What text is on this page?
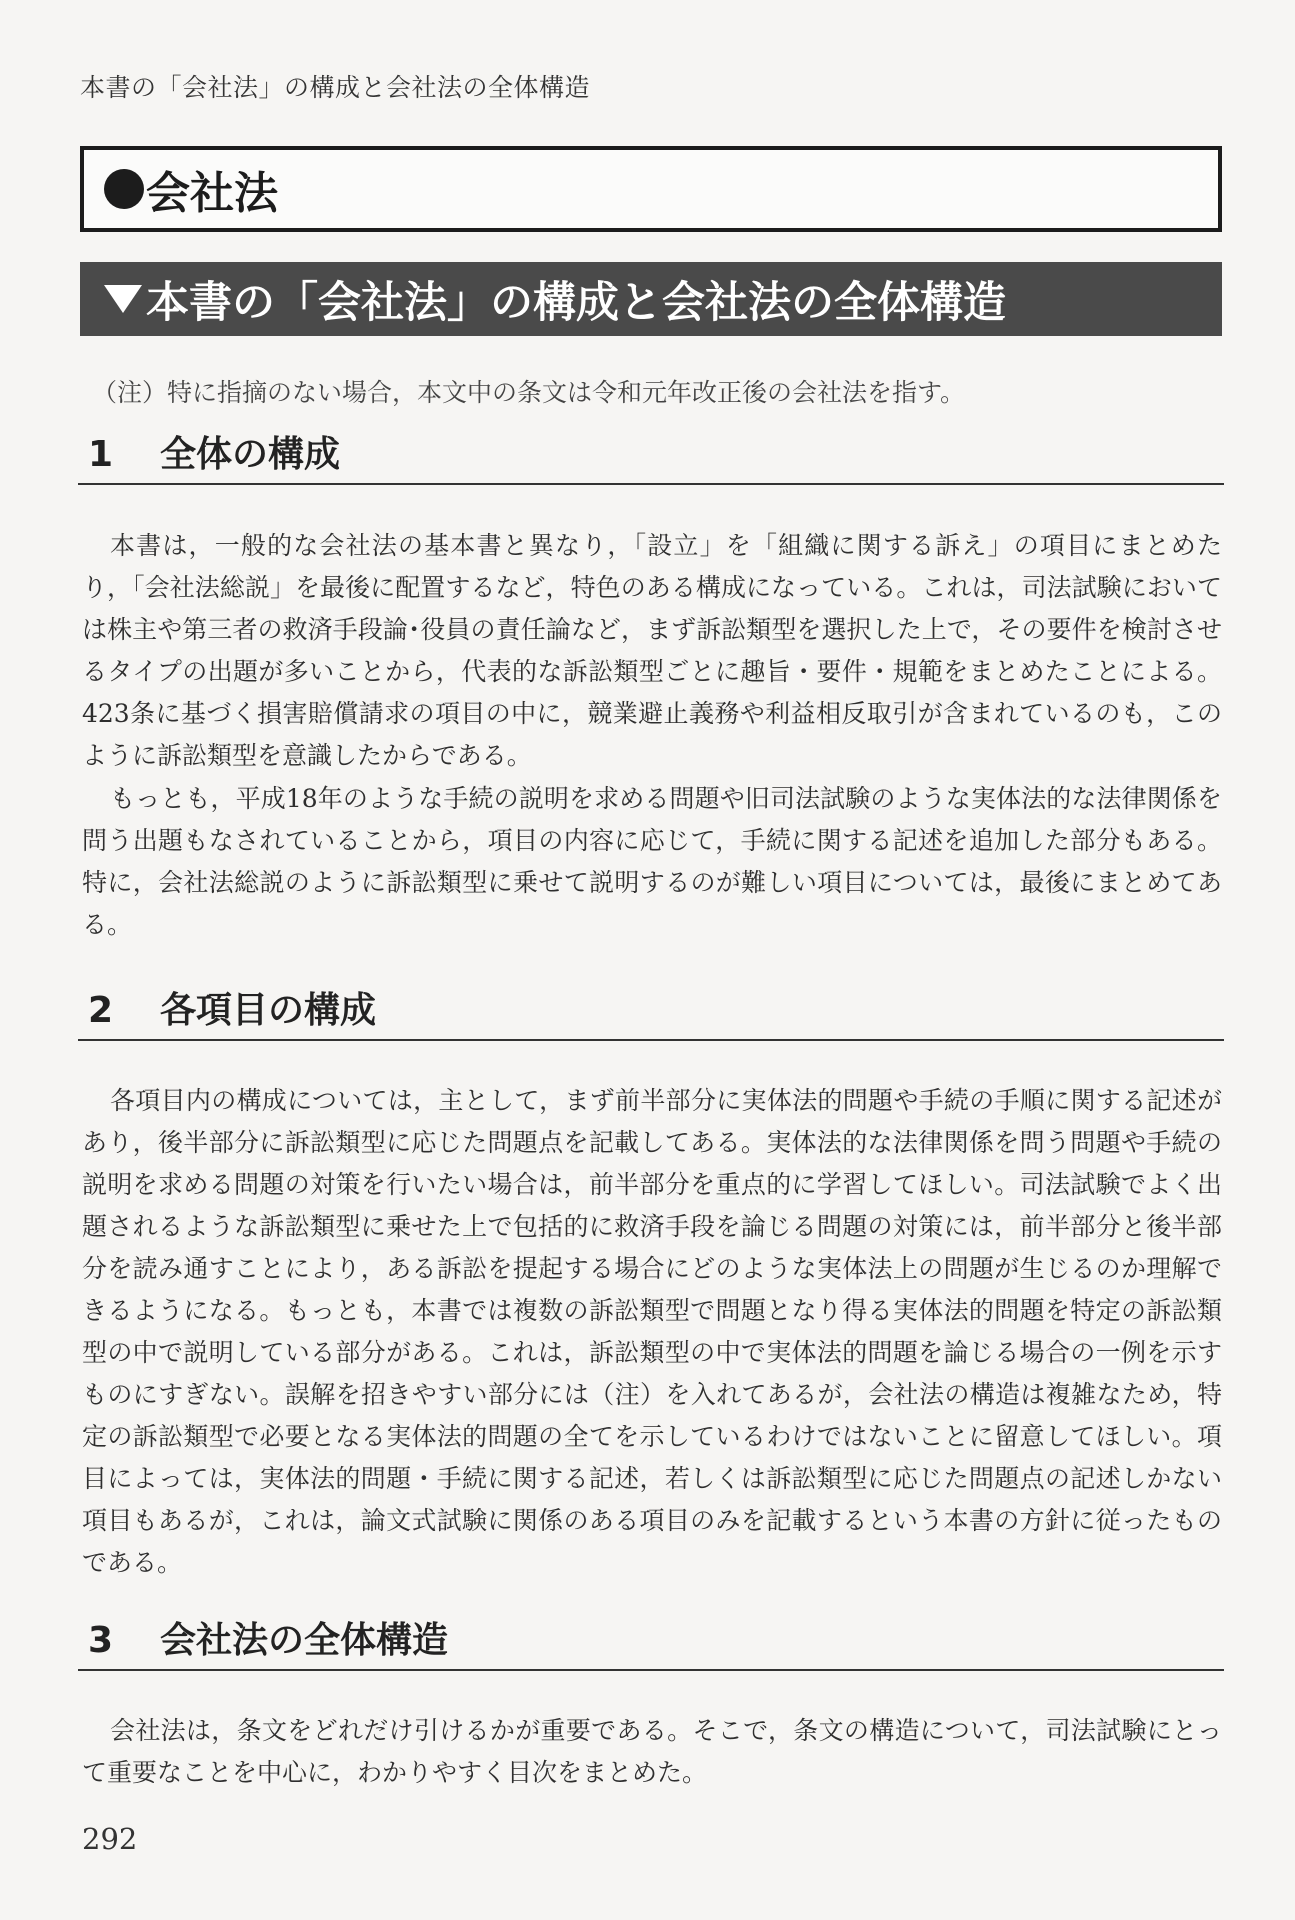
本書の「会社法」の構成と会社法の全体構造
会社法
本書の「会社法」の構成と会社法の全体構造
（注）特に指摘のない場合，本文中の条文は令和元年改正後の会社法を指す。
1 全体の構成

本書は，一般的な会社法の基本書と異なり，「設立」を「組織に関する訴え」の項目にまとめたり，「会社法総説」を最後に配置するなど，特色のある構成になっている。これは，司法試験においては株主や第三者の救済手段論･役員の責任論など，まず訴訟類型を選択した上で，その要件を検討させるタイプの出題が多いことから，代表的な訴訟類型ごとに趣旨・要件・規範をまとめたことによる。423条に基づく損害賠償請求の項目の中に，競業避止義務や利益相反取引が含まれているのも，このように訴訟類型を意識したからである。

もっとも，平成18年のような手続の説明を求める問題や旧司法試験のような実体法的な法律関係を問う出題もなされていることから，項目の内容に応じて，手続に関する記述を追加した部分もある。特に，会社法総説のように訴訟類型に乗せて説明するのが難しい項目については，最後にまとめてある。

2 各項目の構成

各項目内の構成については，主として，まず前半部分に実体法的問題や手続の手順に関する記述があり，後半部分に訴訟類型に応じた問題点を記載してある。実体法的な法律関係を問う問題や手続の説明を求める問題の対策を行いたい場合は，前半部分を重点的に学習してほしい。司法試験でよく出題されるような訴訟類型に乗せた上で包括的に救済手段を論じる問題の対策には，前半部分と後半部分を読み通すことにより，ある訴訟を提起する場合にどのような実体法上の問題が生じるのか理解できるようになる。もっとも，本書では複数の訴訟類型で問題となり得る実体法的問題を特定の訴訟類型の中で説明している部分がある。これは，訴訟類型の中で実体法的問題を論じる場合の一例を示すものにすぎない。誤解を招きやすい部分には（注）を入れてあるが，会社法の構造は複雑なため，特定の訴訟類型で必要となる実体法的問題の全てを示しているわけではないことに留意してほしい。項目によっては，実体法的問題・手続に関する記述，若しくは訴訟類型に応じた問題点の記述しかない項目もあるが，これは，論文式試験に関係のある項目のみを記載するという本書の方針に従ったものである。

3 会社法の全体構造

会社法は，条文をどれだけ引けるかが重要である。そこで，条文の構造について，司法試験にとって重要なことを中心に，わかりやすく目次をまとめた。

292
